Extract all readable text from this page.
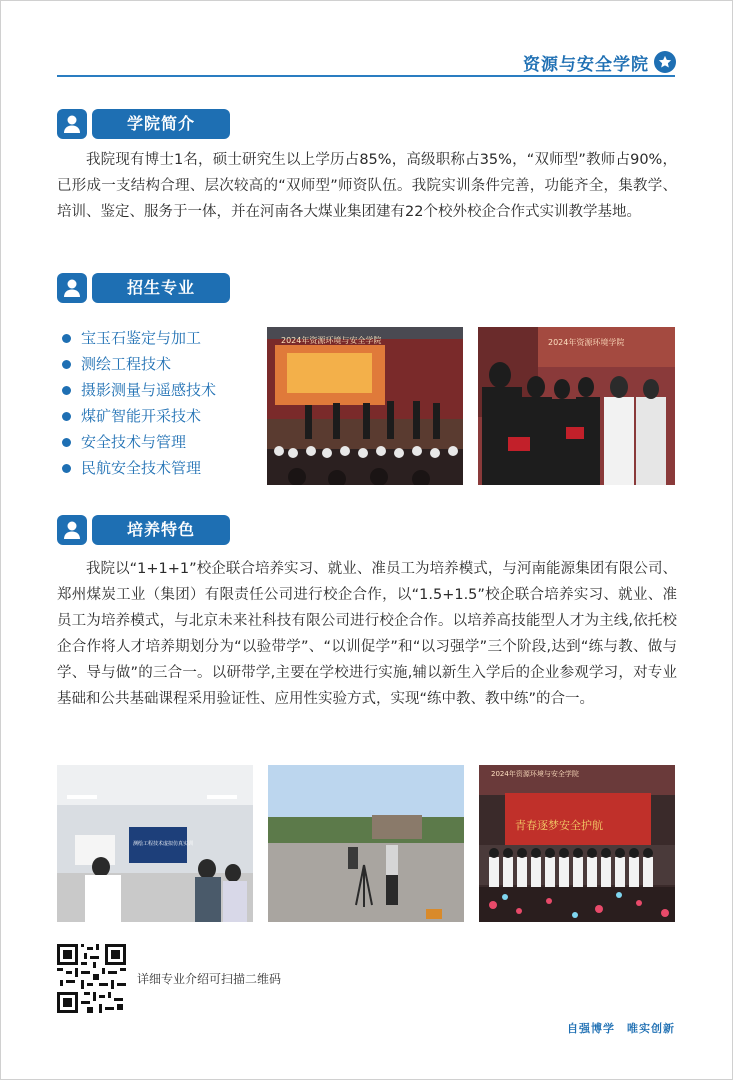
资源与安全学院
学院简介

我院现有博士1名，硕士研究生以上学历占85%，高级职称占35%，“双师型”教师占90%，已形成一支结构合理、层次较高的“双师型”师资队伍。我院实训条件完善，功能齐全，集教学、培训、鉴定、服务于一体，并在河南各大煤业集团建有22个校外校企合作式实训教学基地。

招生专业
宝玉石鉴定与加工
测绘工程技术
摄影测量与遥感技术
煤矿智能开采技术
安全技术与管理
民航安全技术管理
2024年资源环境与安全学院	2024年资源环境学院
培养特色

我院以“1+1+1”校企联合培养实习、就业、准员工为培养模式，与河南能源集团有限公司、郑州煤炭工业（集团）有限责任公司进行校企合作，以“1.5+1.5”校企联合培养实习、就业、准员工为培养模式，与北京未来社科技有限公司进行校企合作。以培养高技能型人才为主线,依托校企合作将人才培养期划分为“以验带学”、“以训促学”和“以习强学”三个阶段,达到“练与教、做与学、导与做”的三合一。以研带学,主要在学校进行实施,辅以新生入学后的企业参观学习，对专业基础和公共基础课程采用验证性、应用性实验方式，实现“练中教、教中练”的合一。

测绘工程技术虚拟仿真实训
2024年资源环境与安全学院
青春逐梦安全护航
详细专业介绍可扫描二维码
自强博学　唯实创新
